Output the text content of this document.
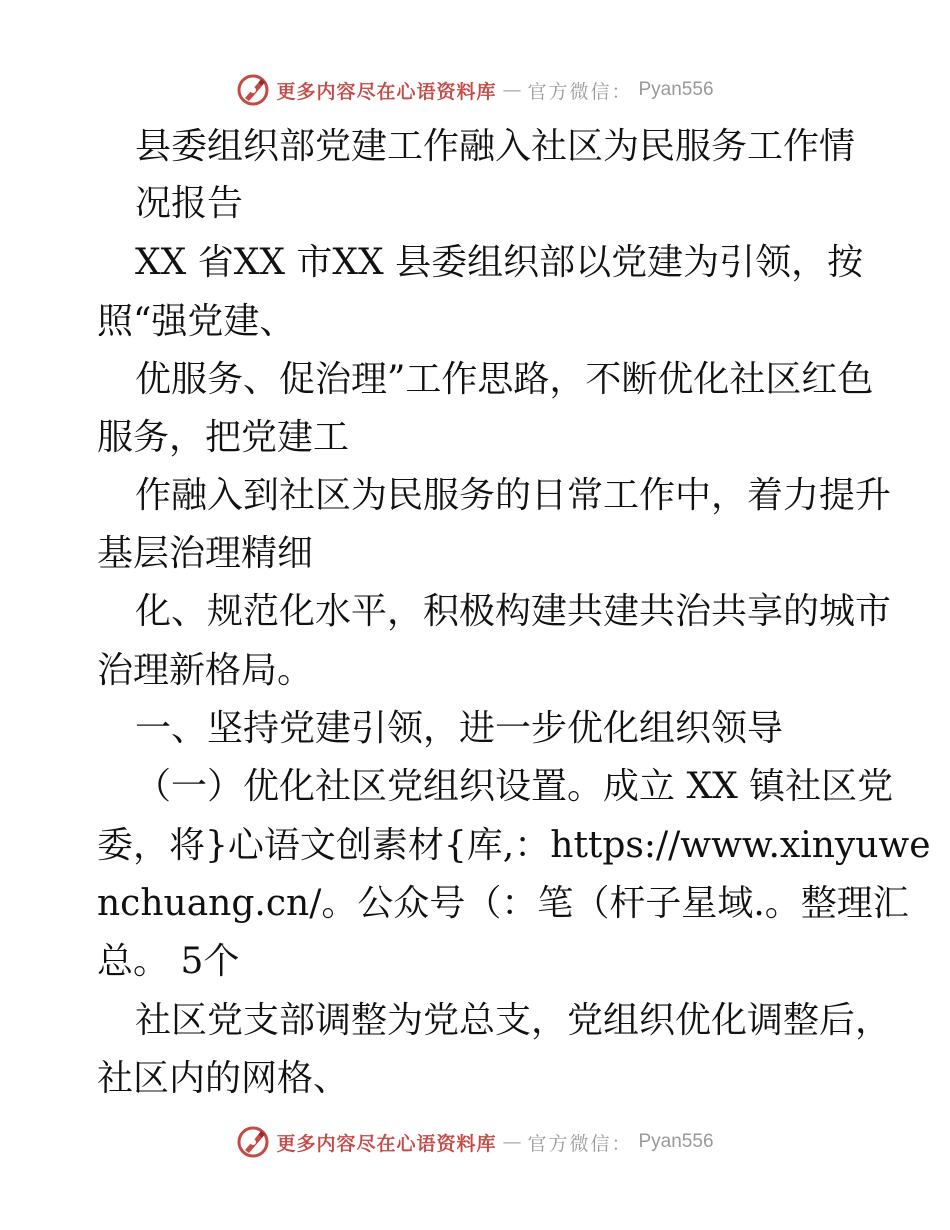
更多内容尽在心语资料库 — 官方微信： Pyan556
县委组织部党建工作融入社区为民服务工作情
况报告
XX 省XX 市XX 县委组织部以党建为引领，按
照“强党建、
优服务、促治理”工作思路，不断优化社区红色
服务，把党建工
作融入到社区为民服务的日常工作中，着力提升
基层治理精细
化、规范化水平，积极构建共建共治共享的城市
治理新格局。
一、坚持党建引领，进一步优化组织领导
（一）优化社区党组织设置。成立 XX 镇社区党
委，将}心语文创素材{库,：https://www.xinyuwe
nchuang.cn/。公众号（：笔（杆子星域.。整理汇
总。 5个
社区党支部调整为党总支，党组织优化调整后，
社区内的网格、
更多内容尽在心语资料库 — 官方微信： Pyan556
